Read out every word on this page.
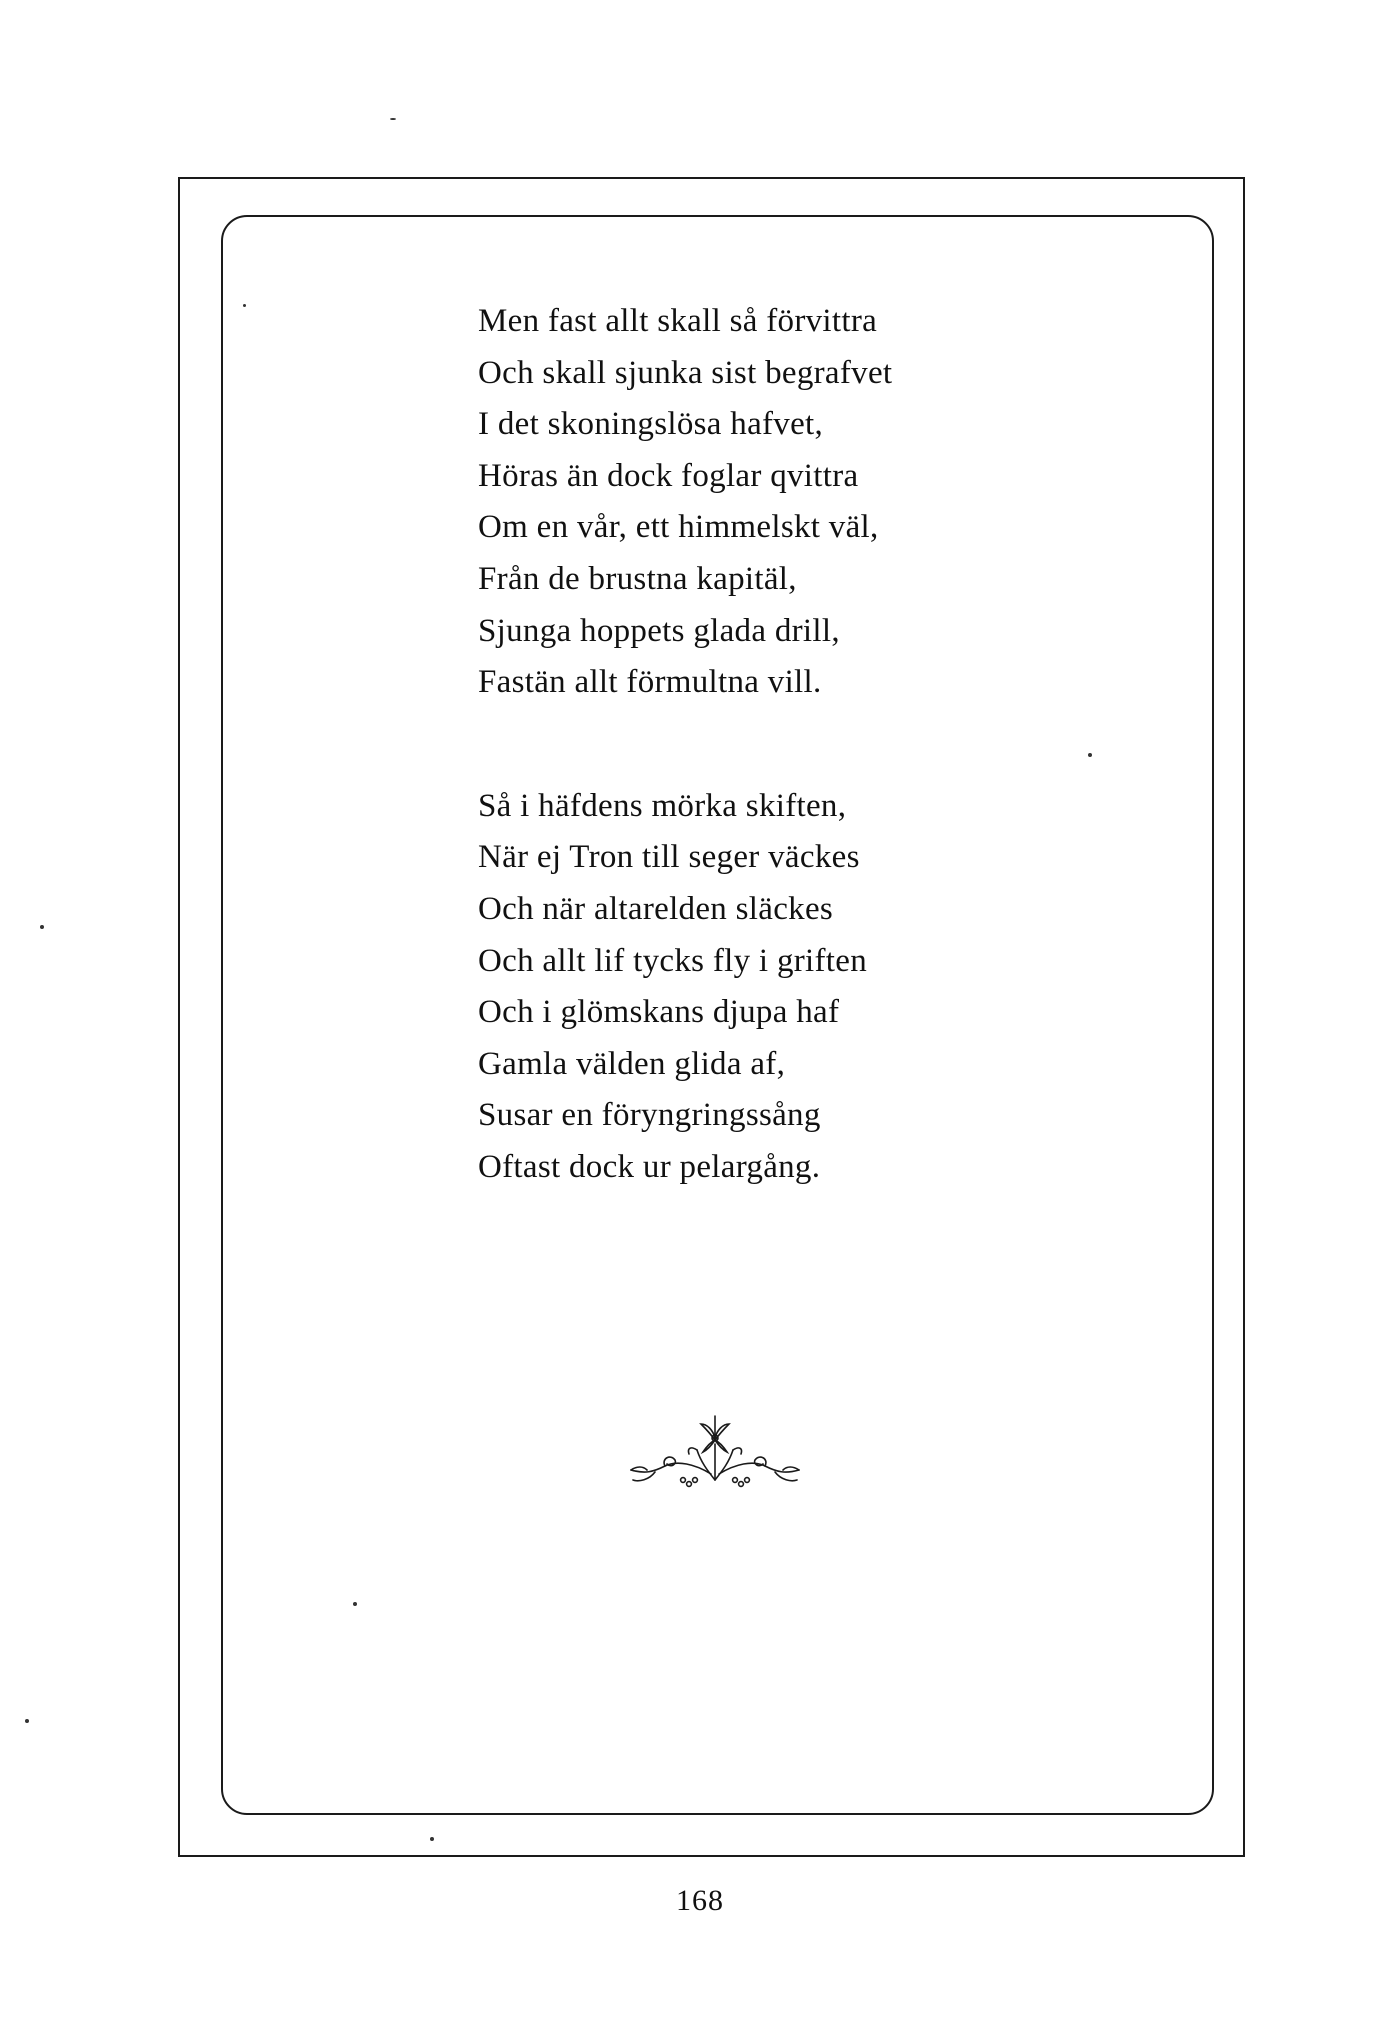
Men fast allt skall så förvittra
Och skall sjunka sist begrafvet
I det skoningslösa hafvet,
Höras än dock foglar qvittra
Om en vår, ett himmelskt väl,
Från de brustna kapitäl,
Sjunga hoppets glada drill,
Fastän allt förmultna vill.
Så i häfdens mörka skiften,
När ej Tron till seger väckes
Och när altarelden släckes
Och allt lif tycks fly i griften
Och i glömskans djupa haf
Gamla välden glida af,
Susar en föryngringssång
Oftast dock ur pelargång.
168
